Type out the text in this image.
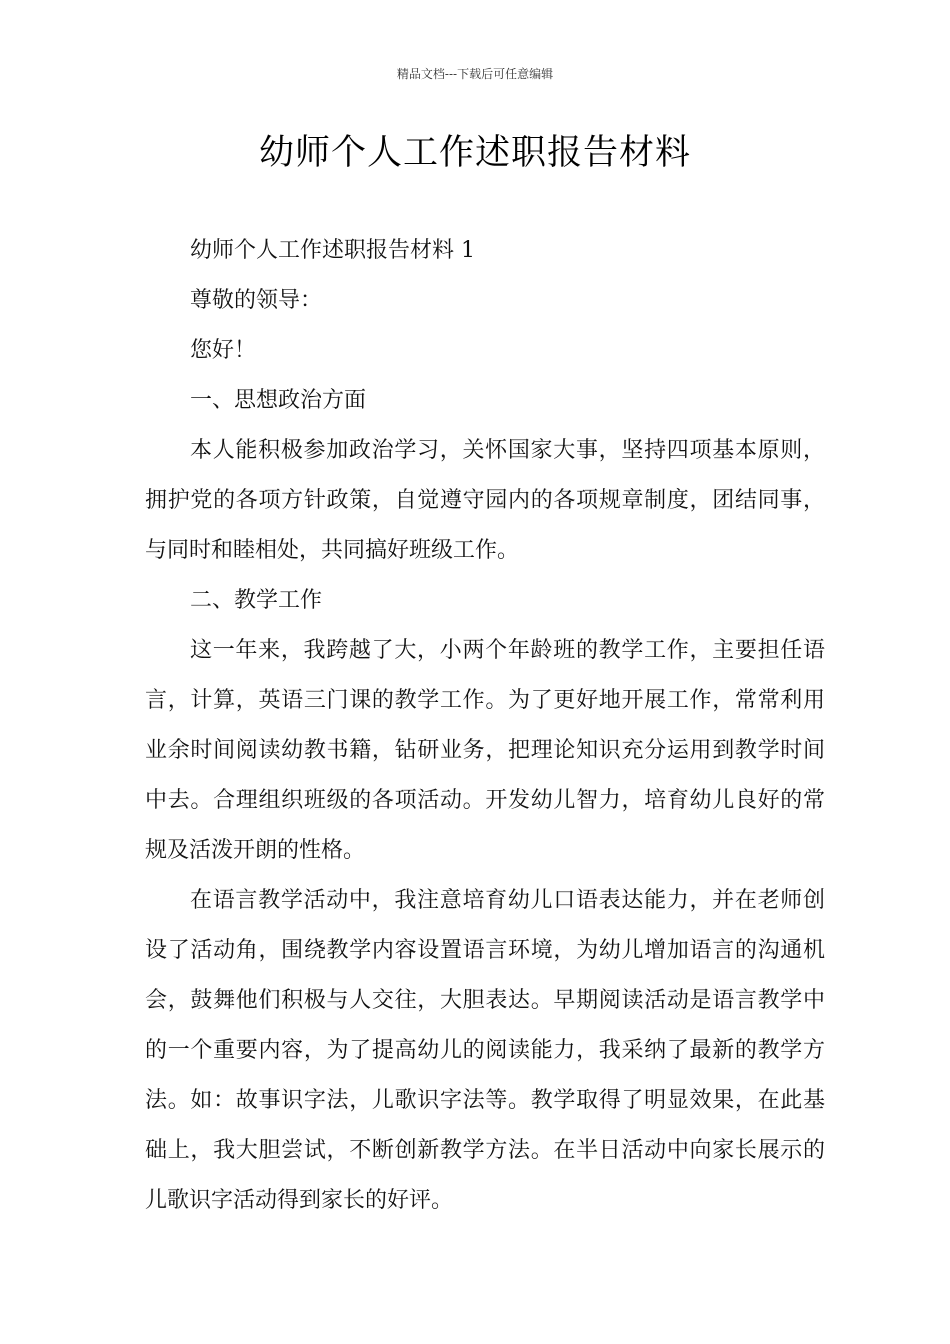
精品文档---下载后可任意编辑
幼师个人工作述职报告材料

幼师个人工作述职报告材料 1

尊敬的领导：

您好！

一、思想政治方面

本人能积极参加政治学习，关怀国家大事，坚持四项基本原则，拥护党的各项方针政策，自觉遵守园内的各项规章制度，团结同事，与同时和睦相处，共同搞好班级工作。

二、教学工作

这一年来，我跨越了大，小两个年龄班的教学工作，主要担任语言，计算，英语三门课的教学工作。为了更好地开展工作，常常利用业余时间阅读幼教书籍，钻研业务，把理论知识充分运用到教学时间中去。合理组织班级的各项活动。开发幼儿智力，培育幼儿良好的常规及活泼开朗的性格。

在语言教学活动中，我注意培育幼儿口语表达能力，并在老师创设了活动角，围绕教学内容设置语言环境，为幼儿增加语言的沟通机会，鼓舞他们积极与人交往，大胆表达。早期阅读活动是语言教学中的一个重要内容，为了提高幼儿的阅读能力，我采纳了最新的教学方法。如：故事识字法，儿歌识字法等。教学取得了明显效果，在此基础上，我大胆尝试，不断创新教学方法。在半日活动中向家长展示的儿歌识字活动得到家长的好评。
